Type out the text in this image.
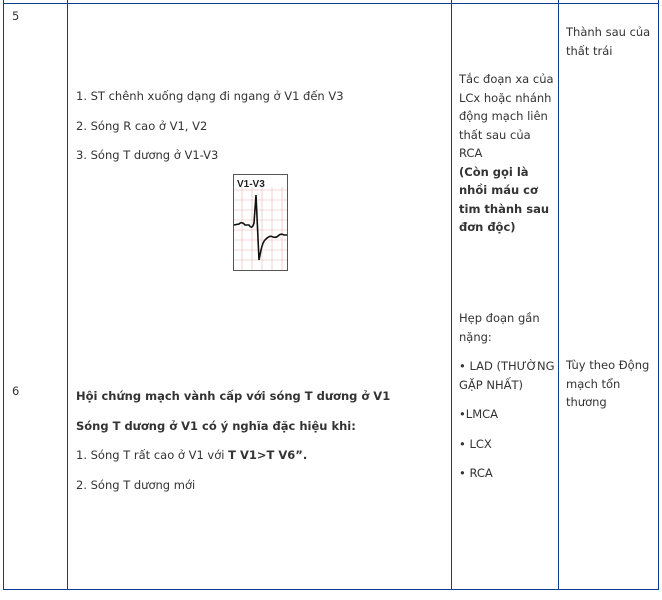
5

1. ST chênh xuống dạng đi ngang ở V1 đến V3

2. Sóng R cao ở V1, V2

3. Sóng T dương ở V1-V3

V1-V3

Tắc đoạn xa của

LCx hoặc nhánh

động mạch liên

thất sau của

RCA

(Còn gọi là

nhồi máu cơ

tim thành sau

đơn độc)

Thành sau của

thất trái

6	Hội chứng mạch vành cấp với sóng T dương ở V1

Sóng T dương ở V1 có ý nghĩa đặc hiệu khi:

1. Sóng T rất cao ở V1 với T V1>T V6”.

2. Sóng T dương mới

Hẹp đoạn gần

nặng:

• LAD (THƯỜNG

GẶP NHẤT)

•LMCA

• LCX

• RCA

Tùy theo Động

mạch tổn

thương
